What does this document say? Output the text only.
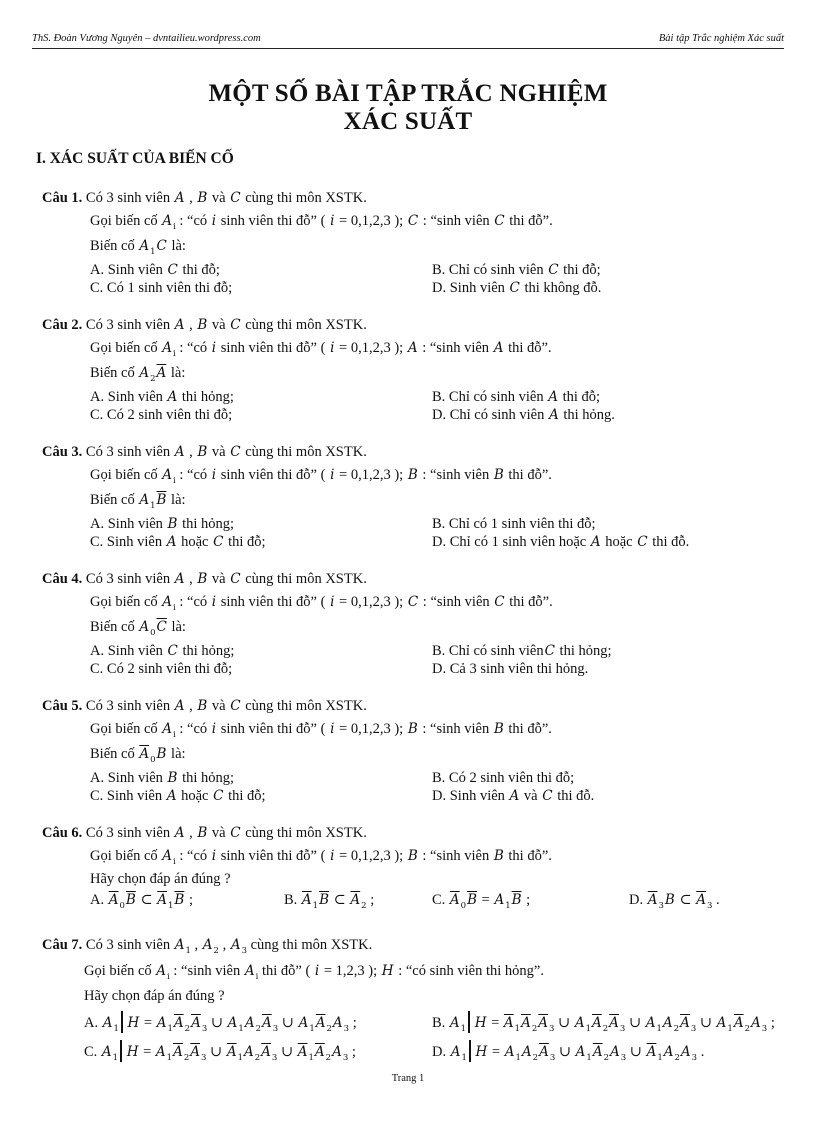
ThS. Đoàn Vương Nguyên – dvntailieu.wordpress.com	Bài tập Trắc nghiệm Xác suất
MỘT SỐ BÀI TẬP TRẮC NGHIỆM
XÁC SUẤT
I. XÁC SUẤT CỦA BIẾN CỐ
Câu 1. Có 3 sinh viên A , B và C cùng thi môn XSTK.
Gọi biến cố $A_i$ : “có i sinh viên thi đỗ” ( i = 0,1,2,3 ); C : “sinh viên C thi đỗ”.
Biến cố $A_1C$ là:
A. Sinh viên C thi đỗ;	B. Chỉ có sinh viên C thi đỗ;
C. Có 1 sinh viên thi đỗ;	D. Sinh viên C thi không đỗ.
Câu 2. Có 3 sinh viên A , B và C cùng thi môn XSTK.
Gọi biến cố $A_i$ : “có i sinh viên thi đỗ” ( i = 0,1,2,3 ); A : “sinh viên A thi đỗ”.
Biến cố $A_2\overline{A}$ là:
A. Sinh viên A thi hỏng;	B. Chỉ có sinh viên A thi đỗ;
C. Có 2 sinh viên thi đỗ;	D. Chỉ có sinh viên A thi hỏng.
Câu 3. Có 3 sinh viên A , B và C cùng thi môn XSTK.
Gọi biến cố $A_i$ : “có i sinh viên thi đỗ” ( i = 0,1,2,3 ); B : “sinh viên B thi đỗ”.
Biến cố $A_1\overline{B}$ là:
A. Sinh viên B thi hỏng;	B. Chỉ có 1 sinh viên thi đỗ;
C. Sinh viên A hoặc C thi đỗ;	D. Chỉ có 1 sinh viên hoặc A hoặc C thi đỗ.
Câu 4. Có 3 sinh viên A , B và C cùng thi môn XSTK.
Gọi biến cố $A_i$ : “có i sinh viên thi đỗ” ( i = 0,1,2,3 ); C : “sinh viên C thi đỗ”.
Biến cố $A_0\overline{C}$ là:
A. Sinh viên C thi hỏng;	B. Chỉ có sinh viênC thi hỏng;
C. Có 2 sinh viên thi đỗ;	D. Cả 3 sinh viên thi hỏng.
Câu 5. Có 3 sinh viên A , B và C cùng thi môn XSTK.
Gọi biến cố $A_i$ : “có i sinh viên thi đỗ” ( i = 0,1,2,3 ); B : “sinh viên B thi đỗ”.
Biến cố $\overline{A}_0B$ là:
A. Sinh viên B thi hỏng;	B. Có 2 sinh viên thi đỗ;
C. Sinh viên A hoặc C thi đỗ;	D. Sinh viên A và C thi đỗ.
Câu 6. Có 3 sinh viên A , B và C cùng thi môn XSTK.
Gọi biến cố $A_i$ : “có i sinh viên thi đỗ” ( i = 0,1,2,3 ); B : “sinh viên B thi đỗ”.
Hãy chọn đáp án đúng ?
A. $\overline{A}_0\overline{B}$ ⊂ $\overline{A}_1\overline{B}$ ;	B. $\overline{A}_1\overline{B}$ ⊂ $\overline{A}_2$ ;	C. $\overline{A}_0\overline{B} = A_1\overline{B}$ ;	D. $\overline{A}_3B$ ⊂ $\overline{A}_3$ .
Câu 7. Có 3 sinh viên $A_1$ , $A_2$ , $A_3$ cùng thi môn XSTK.
Gọi biến cố $A_i$ : “sinh viên $A_i$ thi đỗ” ( i = 1,2,3 ); H : “có sinh viên thi hỏng”.
Hãy chọn đáp án đúng ?
A. $A_1$ $H = A_1\overline{A}_2\overline{A}_3$ ∪ $A_1A_2\overline{A}_3$ ∪ $A_1\overline{A}_2A_3$ ;	B. $A_1$ $H = \overline{A}_1\overline{A}_2\overline{A}_3$ ∪ $A_1\overline{A}_2\overline{A}_3$ ∪ $A_1A_2\overline{A}_3$ ∪ $A_1\overline{A}_2A_3$ ;
C. $A_1$ $H = A_1\overline{A}_2\overline{A}_3$ ∪ $\overline{A}_1A_2\overline{A}_3$ ∪ $\overline{A}_1\overline{A}_2A_3$ ;	D. $A_1$ $H = A_1A_2\overline{A}_3$ ∪ $A_1\overline{A}_2A_3$ ∪ $\overline{A}_1A_2A_3$ .
Trang 1
